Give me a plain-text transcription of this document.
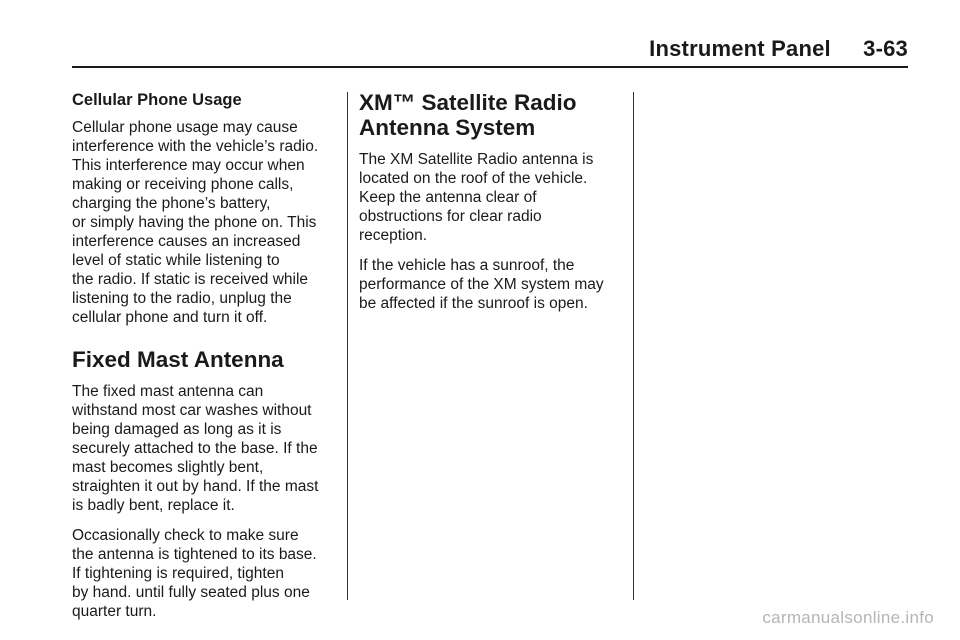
Instrument Panel 3-63
Cellular Phone Usage

Cellular phone usage may cause
interference with the vehicle’s radio.
This interference may occur when
making or receiving phone calls,
charging the phone’s battery,
or simply having the phone on. This
interference causes an increased
level of static while listening to
the radio. If static is received while
listening to the radio, unplug the
cellular phone and turn it off.

Fixed Mast Antenna

The fixed mast antenna can
withstand most car washes without
being damaged as long as it is
securely attached to the base. If the
mast becomes slightly bent,
straighten it out by hand. If the mast
is badly bent, replace it.

Occasionally check to make sure
the antenna is tightened to its base.
If tightening is required, tighten
by hand. until fully seated plus one
quarter turn.

XM™ Satellite Radio
Antenna System

The XM Satellite Radio antenna is
located on the roof of the vehicle.
Keep the antenna clear of
obstructions for clear radio
reception.

If the vehicle has a sunroof, the
performance of the XM system may
be affected if the sunroof is open.

carmanualsonline.info
